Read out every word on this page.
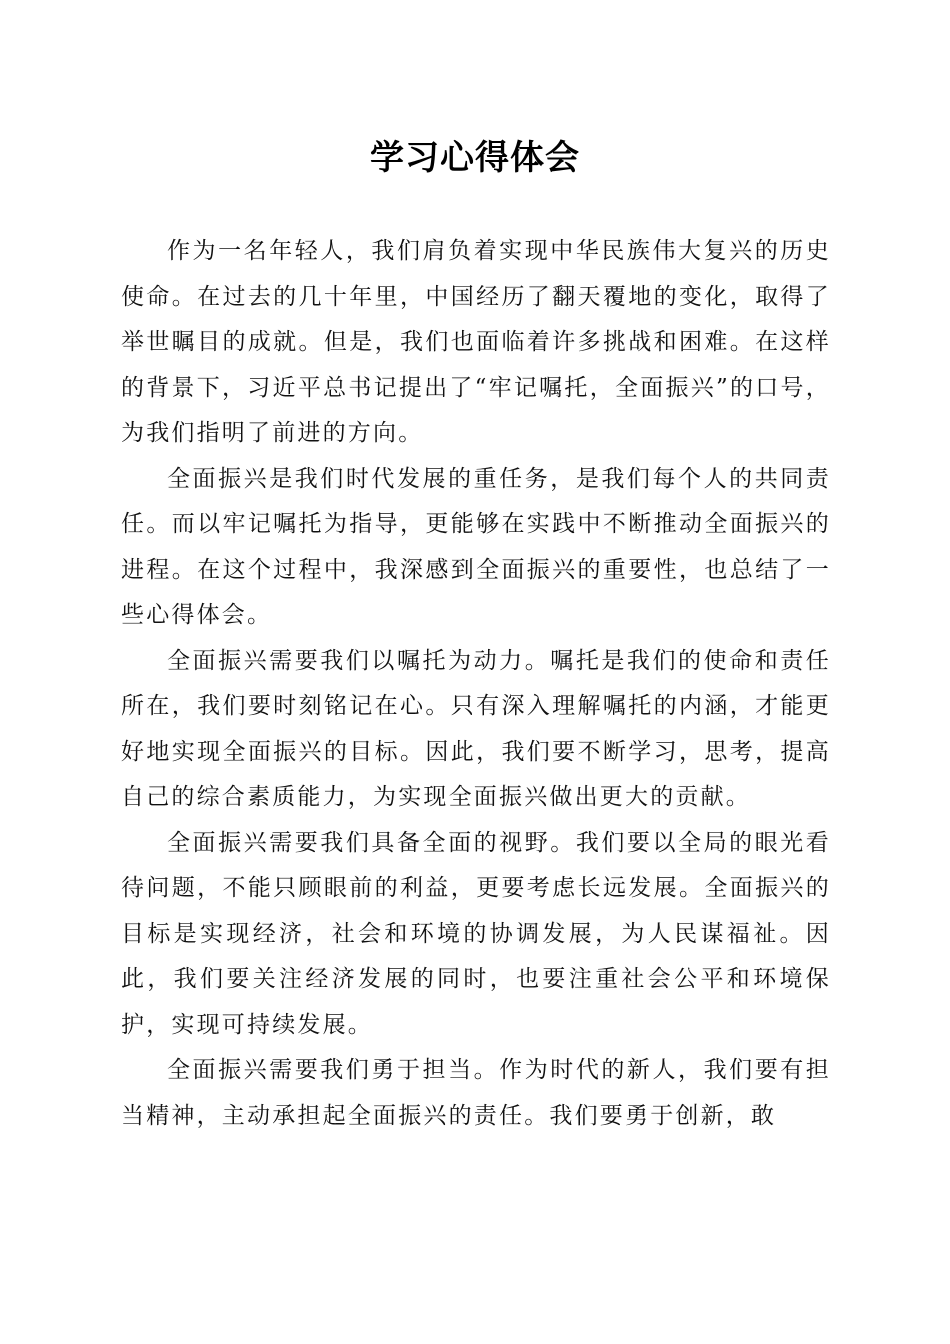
学习心得体会

作为一名年轻人，我们肩负着实现中华民族伟大复兴的历史使命。在过去的几十年里，中国经历了翻天覆地的变化，取得了举世瞩目的成就。但是，我们也面临着许多挑战和困难。在这样的背景下，习近平总书记提出了“牢记嘱托，全面振兴”的口号，为我们指明了前进的方向。

全面振兴是我们时代发展的重任务，是我们每个人的共同责任。而以牢记嘱托为指导，更能够在实践中不断推动全面振兴的进程。在这个过程中，我深感到全面振兴的重要性，也总结了一些心得体会。

全面振兴需要我们以嘱托为动力。嘱托是我们的使命和责任所在，我们要时刻铭记在心。只有深入理解嘱托的内涵，才能更好地实现全面振兴的目标。因此，我们要不断学习，思考，提高自己的综合素质能力，为实现全面振兴做出更大的贡献。

全面振兴需要我们具备全面的视野。我们要以全局的眼光看待问题，不能只顾眼前的利益，更要考虑长远发展。全面振兴的目标是实现经济，社会和环境的协调发展，为人民谋福祉。因此，我们要关注经济发展的同时，也要注重社会公平和环境保护，实现可持续发展。

全面振兴需要我们勇于担当。作为时代的新人，我们要有担当精神，主动承担起全面振兴的责任。我们要勇于创新，敢
